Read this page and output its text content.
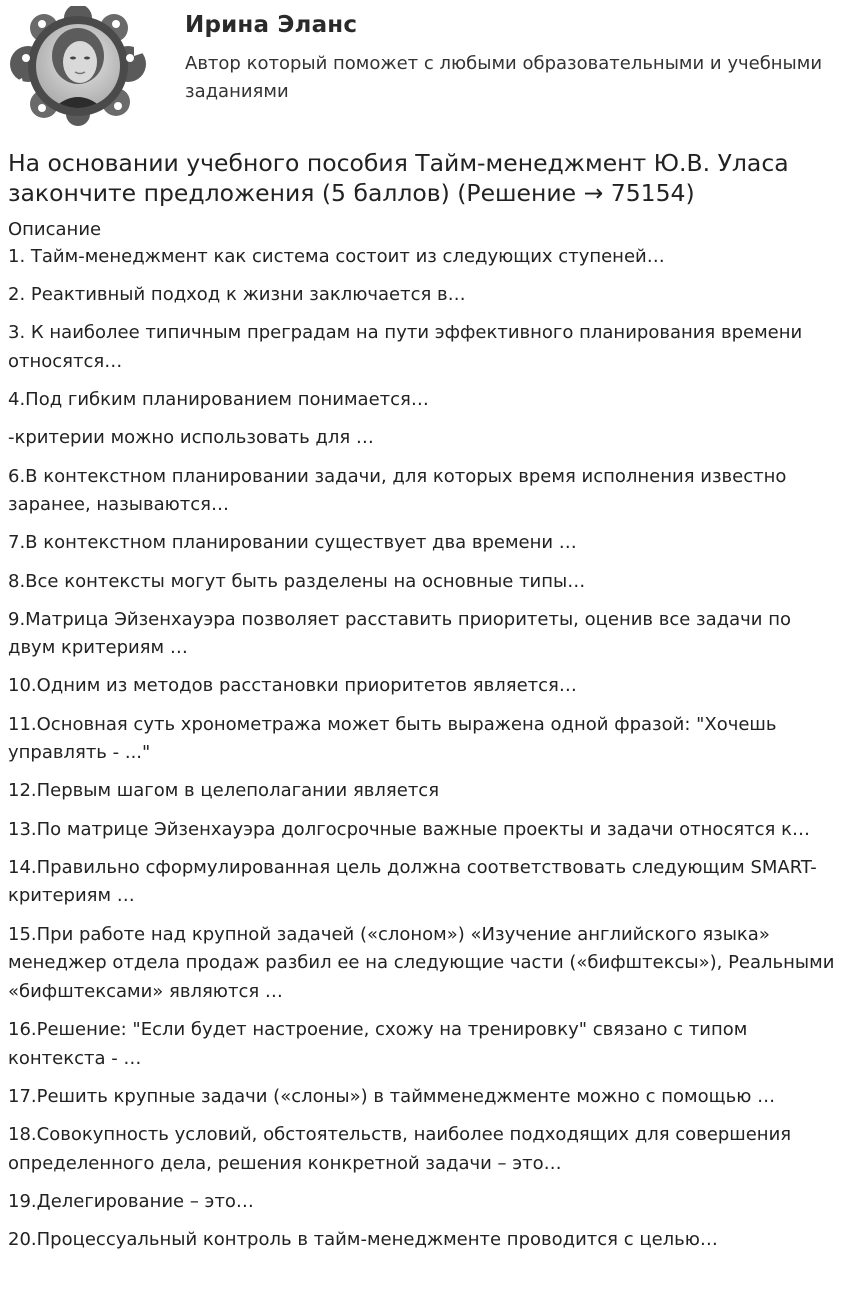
Ирина Эланс
Автор который поможет с любыми образовательными и учебными заданиями
На основании учебного пособия Тайм-менеджмент Ю.В. Уласа закончите предложения (5 баллов) (Решение → 75154)
Описание
1. Тайм-менеджмент как система состоит из следующих ступеней…
2. Реактивный подход к жизни заключается в…
3. К наиболее типичным преградам на пути эффективного планирования времени относятся…
4.Под гибким планированием понимается…
-критерии можно использовать для …
6.В контекстном планировании задачи, для которых время исполнения известно заранее, называются…
7.В контекстном планировании существует два времени …
8.Все контексты могут быть разделены на основные типы…
9.Матрица Эйзенхауэра позволяет расставить приоритеты, оценив все задачи по двум критериям …
10.Одним из методов расстановки приоритетов является…
11.Основная суть хронометража может быть выражена одной фразой: "Хочешь управлять - ..."
12.Первым шагом в целеполагании является
13.По матрице Эйзенхауэра долгосрочные важные проекты и задачи относятся к…
14.Правильно сформулированная цель должна соответствовать следующим SMART-критериям …
15.При работе над крупной задачей («слоном») «Изучение английского языка» менеджер отдела продаж разбил ее на следующие части («бифштексы»), Реальными «бифштексами» являются …
16.Решение: "Если будет настроение, схожу на тренировку" связано с типом контекста - …
17.Решить крупные задачи («слоны») в таймменеджменте можно с помощью …
18.Совокупность условий, обстоятельств, наиболее подходящих для совершения определенного дела, решения конкретной задачи – это…
19.Делегирование – это…
20.Процессуальный контроль в тайм-менеджменте проводится с целью…
